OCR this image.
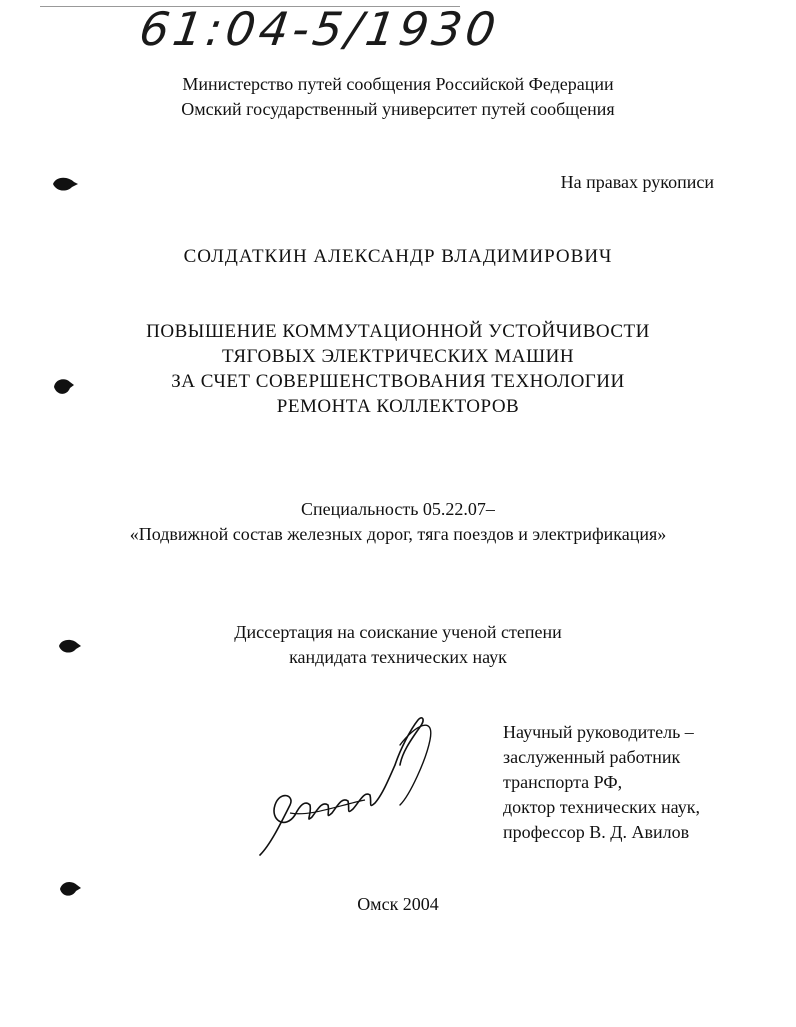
61:04-5/1930
Министерство путей сообщения Российской Федерации
Омский государственный университет путей сообщения
На правах рукописи
СОЛДАТКИН АЛЕКСАНДР ВЛАДИМИРОВИЧ
ПОВЫШЕНИЕ КОММУТАЦИОННОЙ УСТОЙЧИВОСТИ
ТЯГОВЫХ ЭЛЕКТРИЧЕСКИХ МАШИН
ЗА СЧЕТ СОВЕРШЕНСТВОВАНИЯ ТЕХНОЛОГИИ
РЕМОНТА КОЛЛЕКТОРОВ
Специальность 05.22.07–
«Подвижной состав железных дорог, тяга поездов и электрификация»
Диссертация на соискание ученой степени
кандидата технических наук
Научный руководитель –
заслуженный работник
транспорта РФ,
доктор технических наук,
профессор В. Д. Авилов
Омск 2004
